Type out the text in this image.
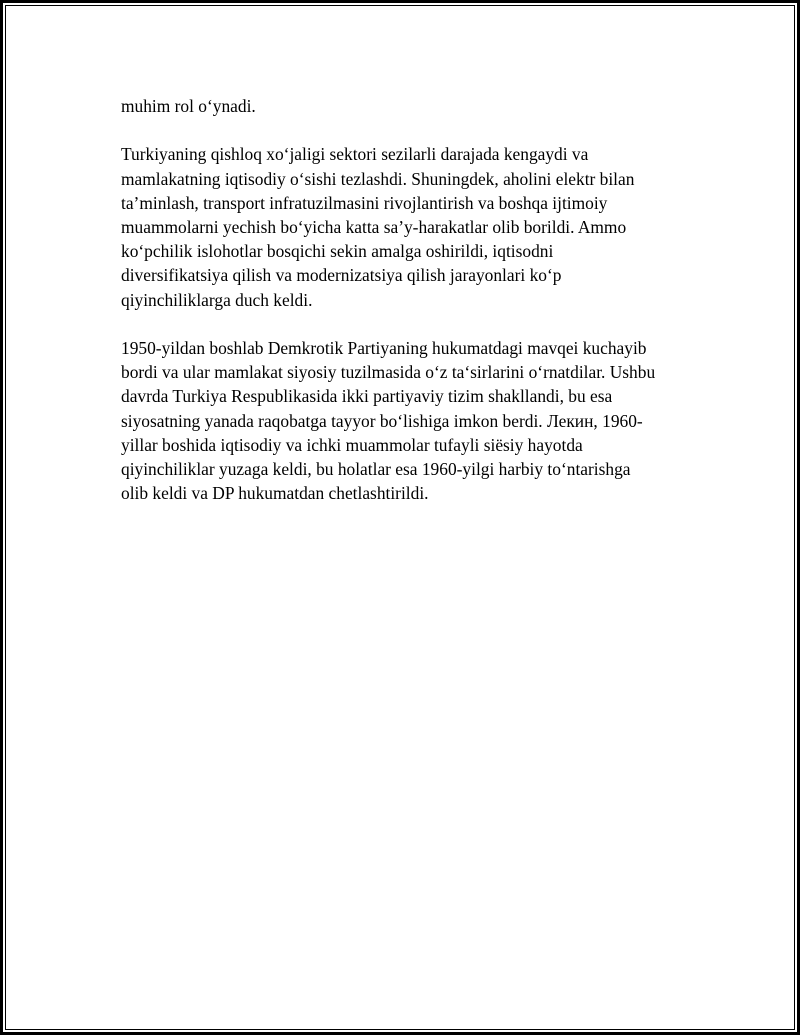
muhim rol o‘ynadi.

Turkiyaning qishloq xo‘jaligi sektori sezilarli darajada kengaydi va
mamlakatning iqtisodiy o‘sishi tezlashdi. Shuningdek, aholini elektr bilan
ta’minlash, transport infratuzilmasini rivojlantirish va boshqa ijtimoiy
muammolarni yechish bo‘yicha katta sa’y-harakatlar olib borildi. Ammo
ko‘pchilik islohotlar bosqichi sekin amalga oshirildi, iqtisodni
diversifikatsiya qilish va modernizatsiya qilish jarayonlari ko‘p
qiyinchiliklarga duch keldi.

1950-yildan boshlab Demkrotik Partiyaning hukumatdagi mavqei kuchayib
bordi va ular mamlakat siyosiy tuzilmasida o‘z ta‘sirlarini o‘rnatdilar. Ushbu
davrda Turkiya Respublikasida ikki partiyaviy tizim shakllandi, bu esa
siyosatning yanada raqobatga tayyor bo‘lishiga imkon berdi. Лекин, 1960-
yillar boshida iqtisodiy va ichki muammolar tufayli siësiy hayotda
qiyinchiliklar yuzaga keldi, bu holatlar esa 1960-yilgi harbiy to‘ntarishga
olib keldi va DP hukumatdan chetlashtirildi.
